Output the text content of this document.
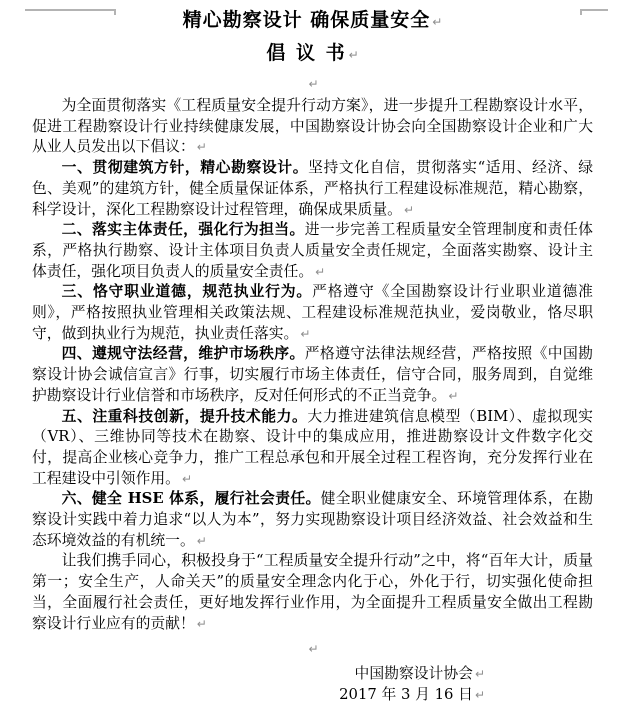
精心勘察设计 确保质量安全 ↵
倡 议 书 ↵
↵

为全面贯彻落实《工程质量安全提升行动方案》，进一步提升工程勘察设计水平，促进工程勘察设计行业持续健康发展，中国勘察设计协会向全国勘察设计企业和广大从业人员发出以下倡议： ↵

一、贯彻建筑方针，精心勘察设计。坚持文化自信，贯彻落实“适用、经济、绿色、美观”的建筑方针，健全质量保证体系，严格执行工程建设标准规范，精心勘察，科学设计，深化工程勘察设计过程管理，确保成果质量。 ↵

二、落实主体责任，强化行为担当。进一步完善工程质量安全管理制度和责任体系，严格执行勘察、设计主体项目负责人质量安全责任规定，全面落实勘察、设计主体责任，强化项目负责人的质量安全责任。 ↵

三、恪守职业道德，规范执业行为。严格遵守《全国勘察设计行业职业道德准则》，严格按照执业管理相关政策法规、工程建设标准规范执业，爱岗敬业，恪尽职守，做到执业行为规范，执业责任落实。 ↵

四、遵规守法经营，维护市场秩序。严格遵守法律法规经营，严格按照《中国勘察设计协会诚信宣言》行事，切实履行市场主体责任，信守合同，服务周到，自觉维护勘察设计行业信誉和市场秩序，反对任何形式的不正当竞争。 ↵

五、注重科技创新，提升技术能力。大力推进建筑信息模型（BIM）、虚拟现实（VR）、三维协同等技术在勘察、设计中的集成应用，推进勘察设计文件数字化交付，提高企业核心竞争力，推广工程总承包和开展全过程工程咨询，充分发挥行业在工程建设中引领作用。 ↵

六、健全 HSE 体系，履行社会责任。健全职业健康安全、环境管理体系，在勘察设计实践中着力追求“以人为本”，努力实现勘察设计项目经济效益、社会效益和生态环境效益的有机统一。 ↵

让我们携手同心，积极投身于“工程质量安全提升行动”之中，将“百年大计，质量第一；安全生产，人命关天”的质量安全理念内化于心，外化于行，切实强化使命担当，全面履行社会责任，更好地发挥行业作用，为全面提升工程质量安全做出工程勘察设计行业应有的贡献！ ↵

↵
中国勘察设计协会 ↵
2017 年 3 月 16 日 ↵
